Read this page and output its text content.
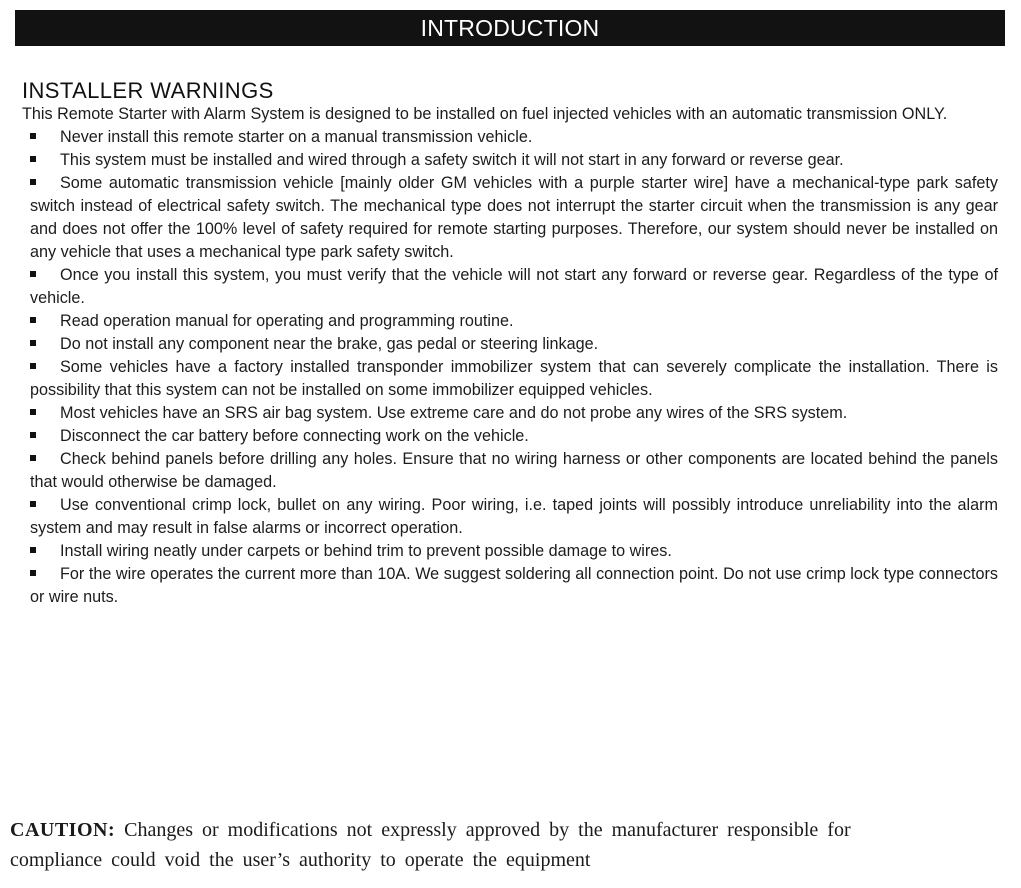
INTRODUCTION
INSTALLER WARNINGS

This Remote Starter with Alarm System is designed to be installed on fuel injected vehicles with an automatic transmission ONLY.

Never install this remote starter on a manual transmission vehicle.
This system must be installed and wired through a safety switch it will not start in any forward or reverse gear.
Some automatic transmission vehicle [mainly older GM vehicles with a purple starter wire] have a mechanical-type park safety switch instead of electrical safety switch. The mechanical type does not interrupt the starter circuit when the transmission is any gear and does not offer the 100% level of safety required for remote starting purposes. Therefore, our system should never be installed on any vehicle that uses a mechanical type park safety switch.
Once you install this system, you must verify that the vehicle will not start any forward or reverse gear. Regardless of the type of vehicle.
Read operation manual for operating and programming routine.
Do not install any component near the brake, gas pedal or steering linkage.
Some vehicles have a factory installed transponder immobilizer system that can severely complicate the installation. There is possibility that this system can not be installed on some immobilizer equipped vehicles.
Most vehicles have an SRS air bag system. Use extreme care and do not probe any wires of the SRS system.
Disconnect the car battery before connecting work on the vehicle.
Check behind panels before drilling any holes. Ensure that no wiring harness or other components are located behind the panels that would otherwise be damaged.
Use conventional crimp lock, bullet on any wiring. Poor wiring, i.e. taped joints will possibly introduce unreliability into the alarm system and may result in false alarms or incorrect operation.
Install wiring neatly under carpets or behind trim to prevent possible damage to wires.
For the wire operates the current more than 10A. We suggest soldering all connection point. Do not use crimp lock type connectors or wire nuts.
CAUTION: Changes or modifications not expressly approved by the manufacturer responsible for compliance could void the user’s authority to operate the equipment
